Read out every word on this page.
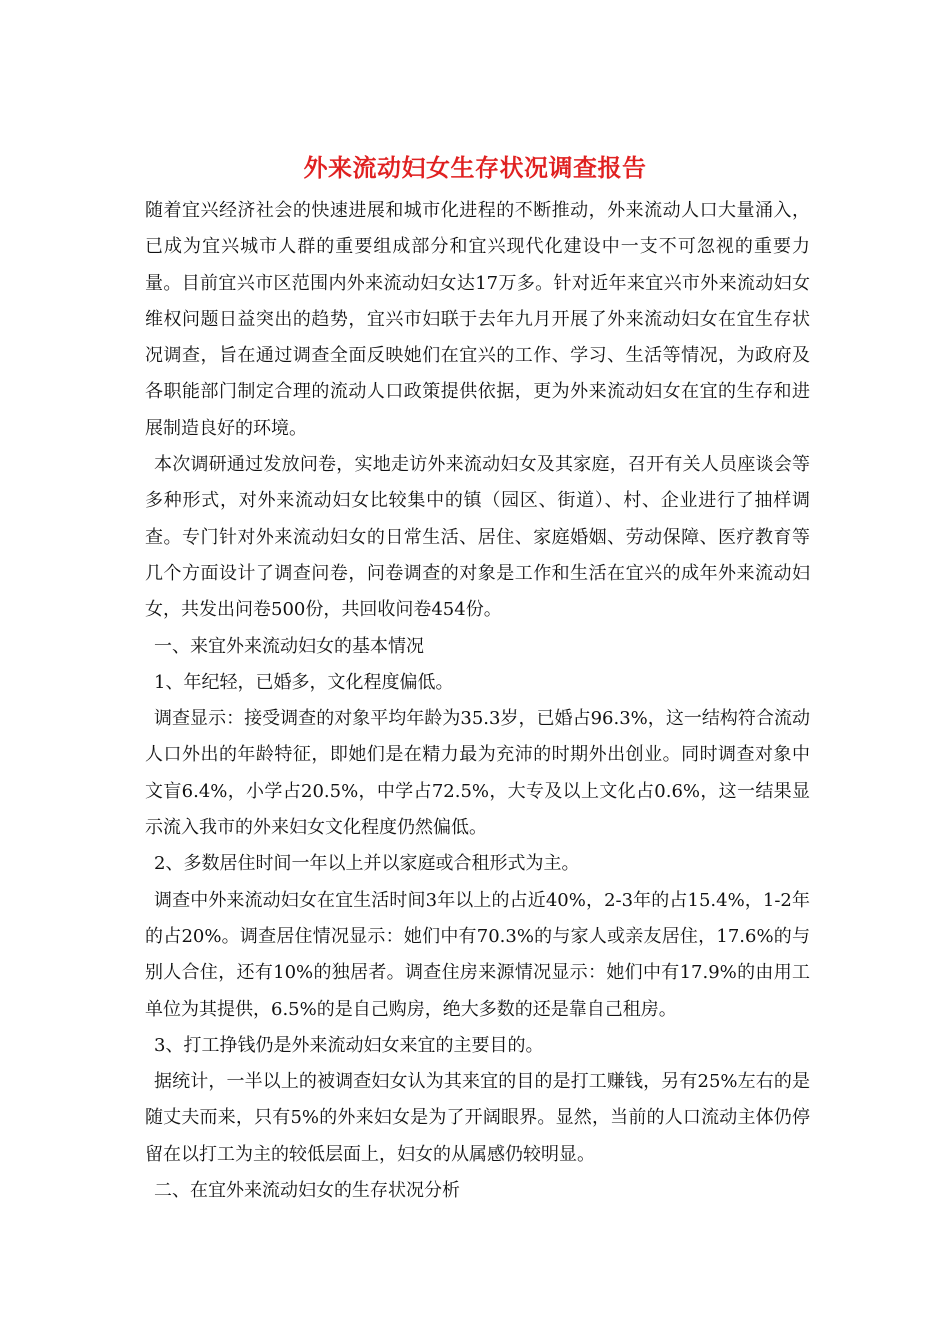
外来流动妇女生存状况调查报告

随着宜兴经济社会的快速进展和城市化进程的不断推动，外来流动人口大量涌入，已成为宜兴城市人群的重要组成部分和宜兴现代化建设中一支不可忽视的重要力量。目前宜兴市区范围内外来流动妇女达17万多。针对近年来宜兴市外来流动妇女维权问题日益突出的趋势，宜兴市妇联于去年九月开展了外来流动妇女在宜生存状况调查，旨在通过调查全面反映她们在宜兴的工作、学习、生活等情况，为政府及各职能部门制定合理的流动人口政策提供依据，更为外来流动妇女在宜的生存和进展制造良好的环境。

本次调研通过发放问卷，实地走访外来流动妇女及其家庭，召开有关人员座谈会等多种形式，对外来流动妇女比较集中的镇（园区、街道）、村、企业进行了抽样调查。专门针对外来流动妇女的日常生活、居住、家庭婚姻、劳动保障、医疗教育等几个方面设计了调查问卷，问卷调查的对象是工作和生活在宜兴的成年外来流动妇女，共发出问卷500份，共回收问卷454份。

一、来宜外来流动妇女的基本情况

1、年纪轻，已婚多，文化程度偏低。

调查显示：接受调查的对象平均年龄为35.3岁，已婚占96.3%，这一结构符合流动人口外出的年龄特征，即她们是在精力最为充沛的时期外出创业。同时调查对象中文盲6.4%，小学占20.5%，中学占72.5%，大专及以上文化占0.6%，这一结果显示流入我市的外来妇女文化程度仍然偏低。

2、多数居住时间一年以上并以家庭或合租形式为主。

调查中外来流动妇女在宜生活时间3年以上的占近40%，2-3年的占15.4%，1-2年的占20%。调查居住情况显示：她们中有70.3%的与家人或亲友居住，17.6%的与别人合住，还有10%的独居者。调查住房来源情况显示：她们中有17.9%的由用工单位为其提供，6.5%的是自己购房，绝大多数的还是靠自己租房。

3、打工挣钱仍是外来流动妇女来宜的主要目的。

据统计，一半以上的被调查妇女认为其来宜的目的是打工赚钱，另有25%左右的是随丈夫而来，只有5%的外来妇女是为了开阔眼界。显然，当前的人口流动主体仍停留在以打工为主的较低层面上，妇女的从属感仍较明显。

二、在宜外来流动妇女的生存状况分析
